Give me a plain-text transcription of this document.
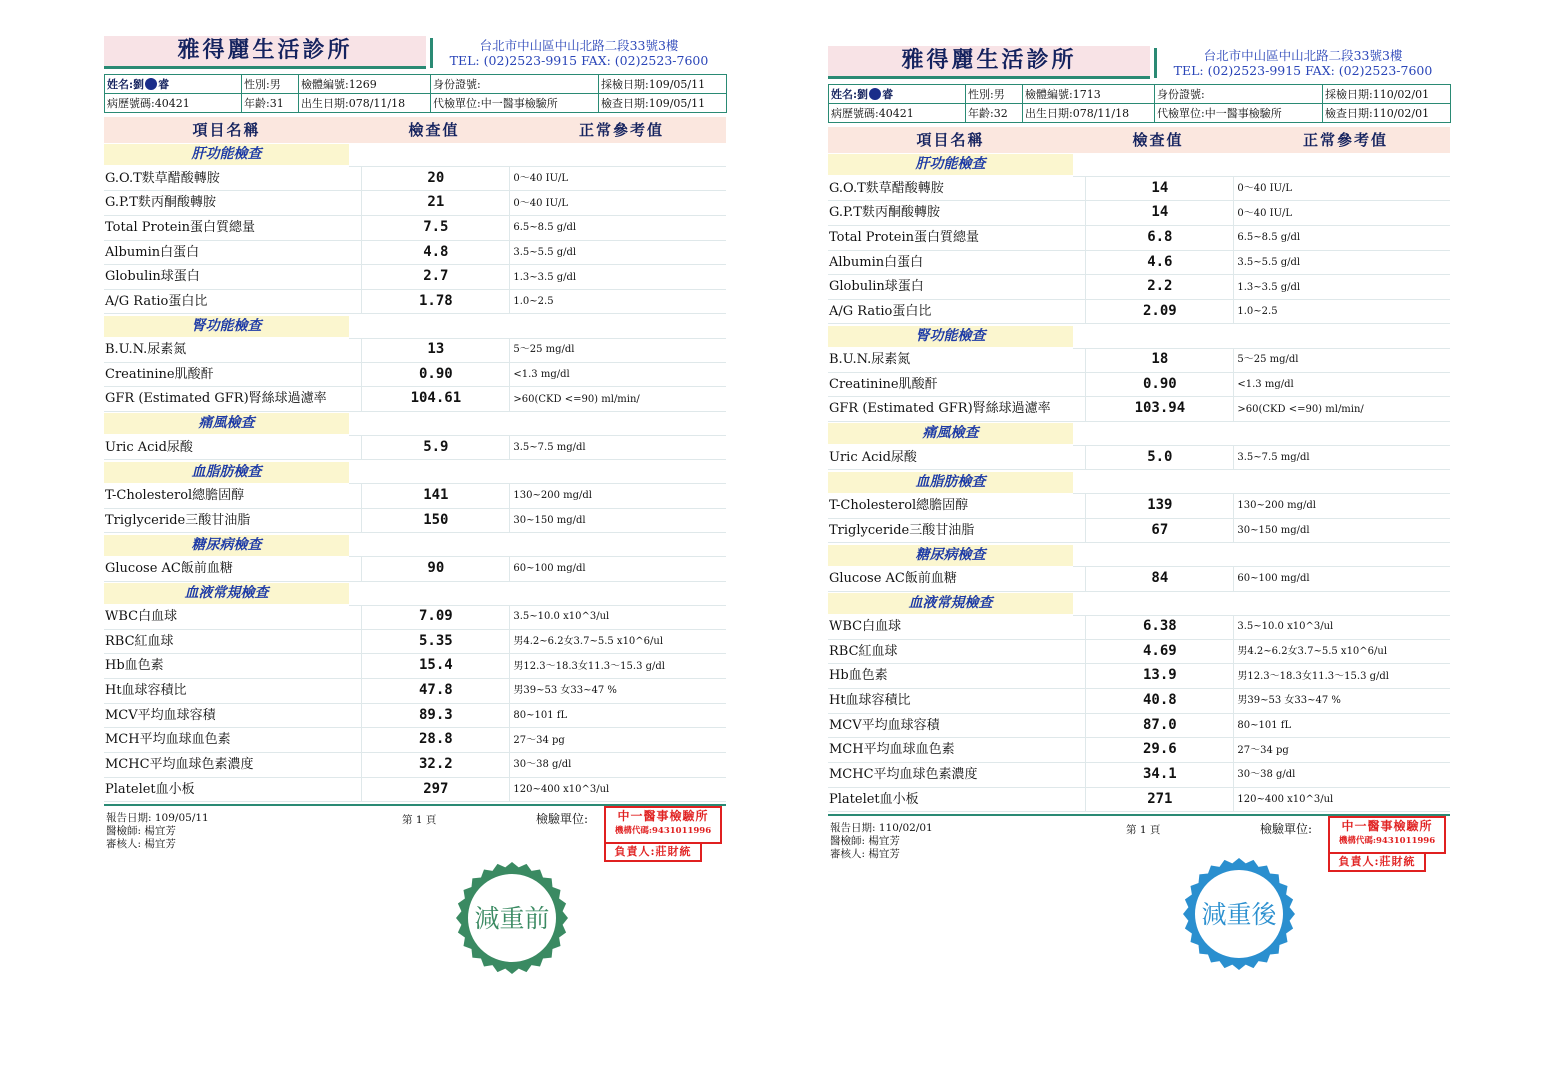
雅得麗生活診所	台北市中山區中山北路二段33號3樓
TEL: (02)2523-9915 FAX: (02)2523-7600
姓名:劉 睿	性別:男	檢體編號:1269	身份證號:	採檢日期:109/05/11
病歷號碼:40421	年齡:31	出生日期:078/11/18	代檢單位:中一醫事檢驗所	檢查日期:109/05/11
項目名稱	檢查值	正常參考值
肝功能檢查
G.O.T麩草醋酸轉胺	20	0～40 IU/L
G.P.T麩丙酮酸轉胺	21	0～40 IU/L
Total Protein蛋白質總量	7.5	6.5~8.5 g/dl
Albumin白蛋白	4.8	3.5~5.5 g/dl
Globulin球蛋白	2.7	1.3~3.5 g/dl
A/G Ratio蛋白比	1.78	1.0~2.5
腎功能檢查
B.U.N.尿素氮	13	5～25 mg/dl
Creatinine肌酸酐	0.90	<1.3 mg/dl
GFR (Estimated GFR)腎絲球過濾率	104.61	>60(CKD <=90) ml/min/
痛風檢查
Uric Acid尿酸	5.9	3.5~7.5 mg/dl
血脂肪檢查
T-Cholesterol總膽固醇	141	130~200 mg/dl
Triglyceride三酸甘油脂	150	30~150 mg/dl
糖尿病檢查
Glucose AC飯前血糖	90	60~100 mg/dl
血液常規檢查
WBC白血球	7.09	3.5~10.0 x10^3/ul
RBC紅血球	5.35	男4.2~6.2女3.7~5.5 x10^6/ul
Hb血色素	15.4	男12.3～18.3女11.3～15.3 g/dl
Ht血球容積比	47.8	男39~53 女33~47 %
MCV平均血球容積	89.3	80~101 fL
MCH平均血球血色素	28.8	27～34 pg
MCHC平均血球色素濃度	32.2	30～38 g/dl
Platelet血小板	297	120~400 x10^3/ul
報告日期: 109/05/11
醫檢師: 楊宜芳
審核人: 楊宜芳
第 1 頁	檢驗單位:	中一醫事檢驗所
機構代碼:9431011996
負責人:莊財統
雅得麗生活診所	台北市中山區中山北路二段33號3樓
TEL: (02)2523-9915 FAX: (02)2523-7600
姓名:劉 睿	性別:男	檢體編號:1713	身份證號:	採檢日期:110/02/01
病歷號碼:40421	年齡:32	出生日期:078/11/18	代檢單位:中一醫事檢驗所	檢查日期:110/02/01
項目名稱	檢查值	正常參考值
肝功能檢查
G.O.T麩草醋酸轉胺	14	0～40 IU/L
G.P.T麩丙酮酸轉胺	14	0～40 IU/L
Total Protein蛋白質總量	6.8	6.5~8.5 g/dl
Albumin白蛋白	4.6	3.5~5.5 g/dl
Globulin球蛋白	2.2	1.3~3.5 g/dl
A/G Ratio蛋白比	2.09	1.0~2.5
腎功能檢查
B.U.N.尿素氮	18	5～25 mg/dl
Creatinine肌酸酐	0.90	<1.3 mg/dl
GFR (Estimated GFR)腎絲球過濾率	103.94	>60(CKD <=90) ml/min/
痛風檢查
Uric Acid尿酸	5.0	3.5~7.5 mg/dl
血脂肪檢查
T-Cholesterol總膽固醇	139	130~200 mg/dl
Triglyceride三酸甘油脂	67	30~150 mg/dl
糖尿病檢查
Glucose AC飯前血糖	84	60~100 mg/dl
血液常規檢查
WBC白血球	6.38	3.5~10.0 x10^3/ul
RBC紅血球	4.69	男4.2~6.2女3.7~5.5 x10^6/ul
Hb血色素	13.9	男12.3～18.3女11.3～15.3 g/dl
Ht血球容積比	40.8	男39~53 女33~47 %
MCV平均血球容積	87.0	80~101 fL
MCH平均血球血色素	29.6	27～34 pg
MCHC平均血球色素濃度	34.1	30～38 g/dl
Platelet血小板	271	120~400 x10^3/ul
報告日期: 110/02/01
醫檢師: 楊宜芳
審核人: 楊宜芳
第 1 頁	檢驗單位:	中一醫事檢驗所
機構代碼:9431011996
負責人:莊財統
減重前	減重後
